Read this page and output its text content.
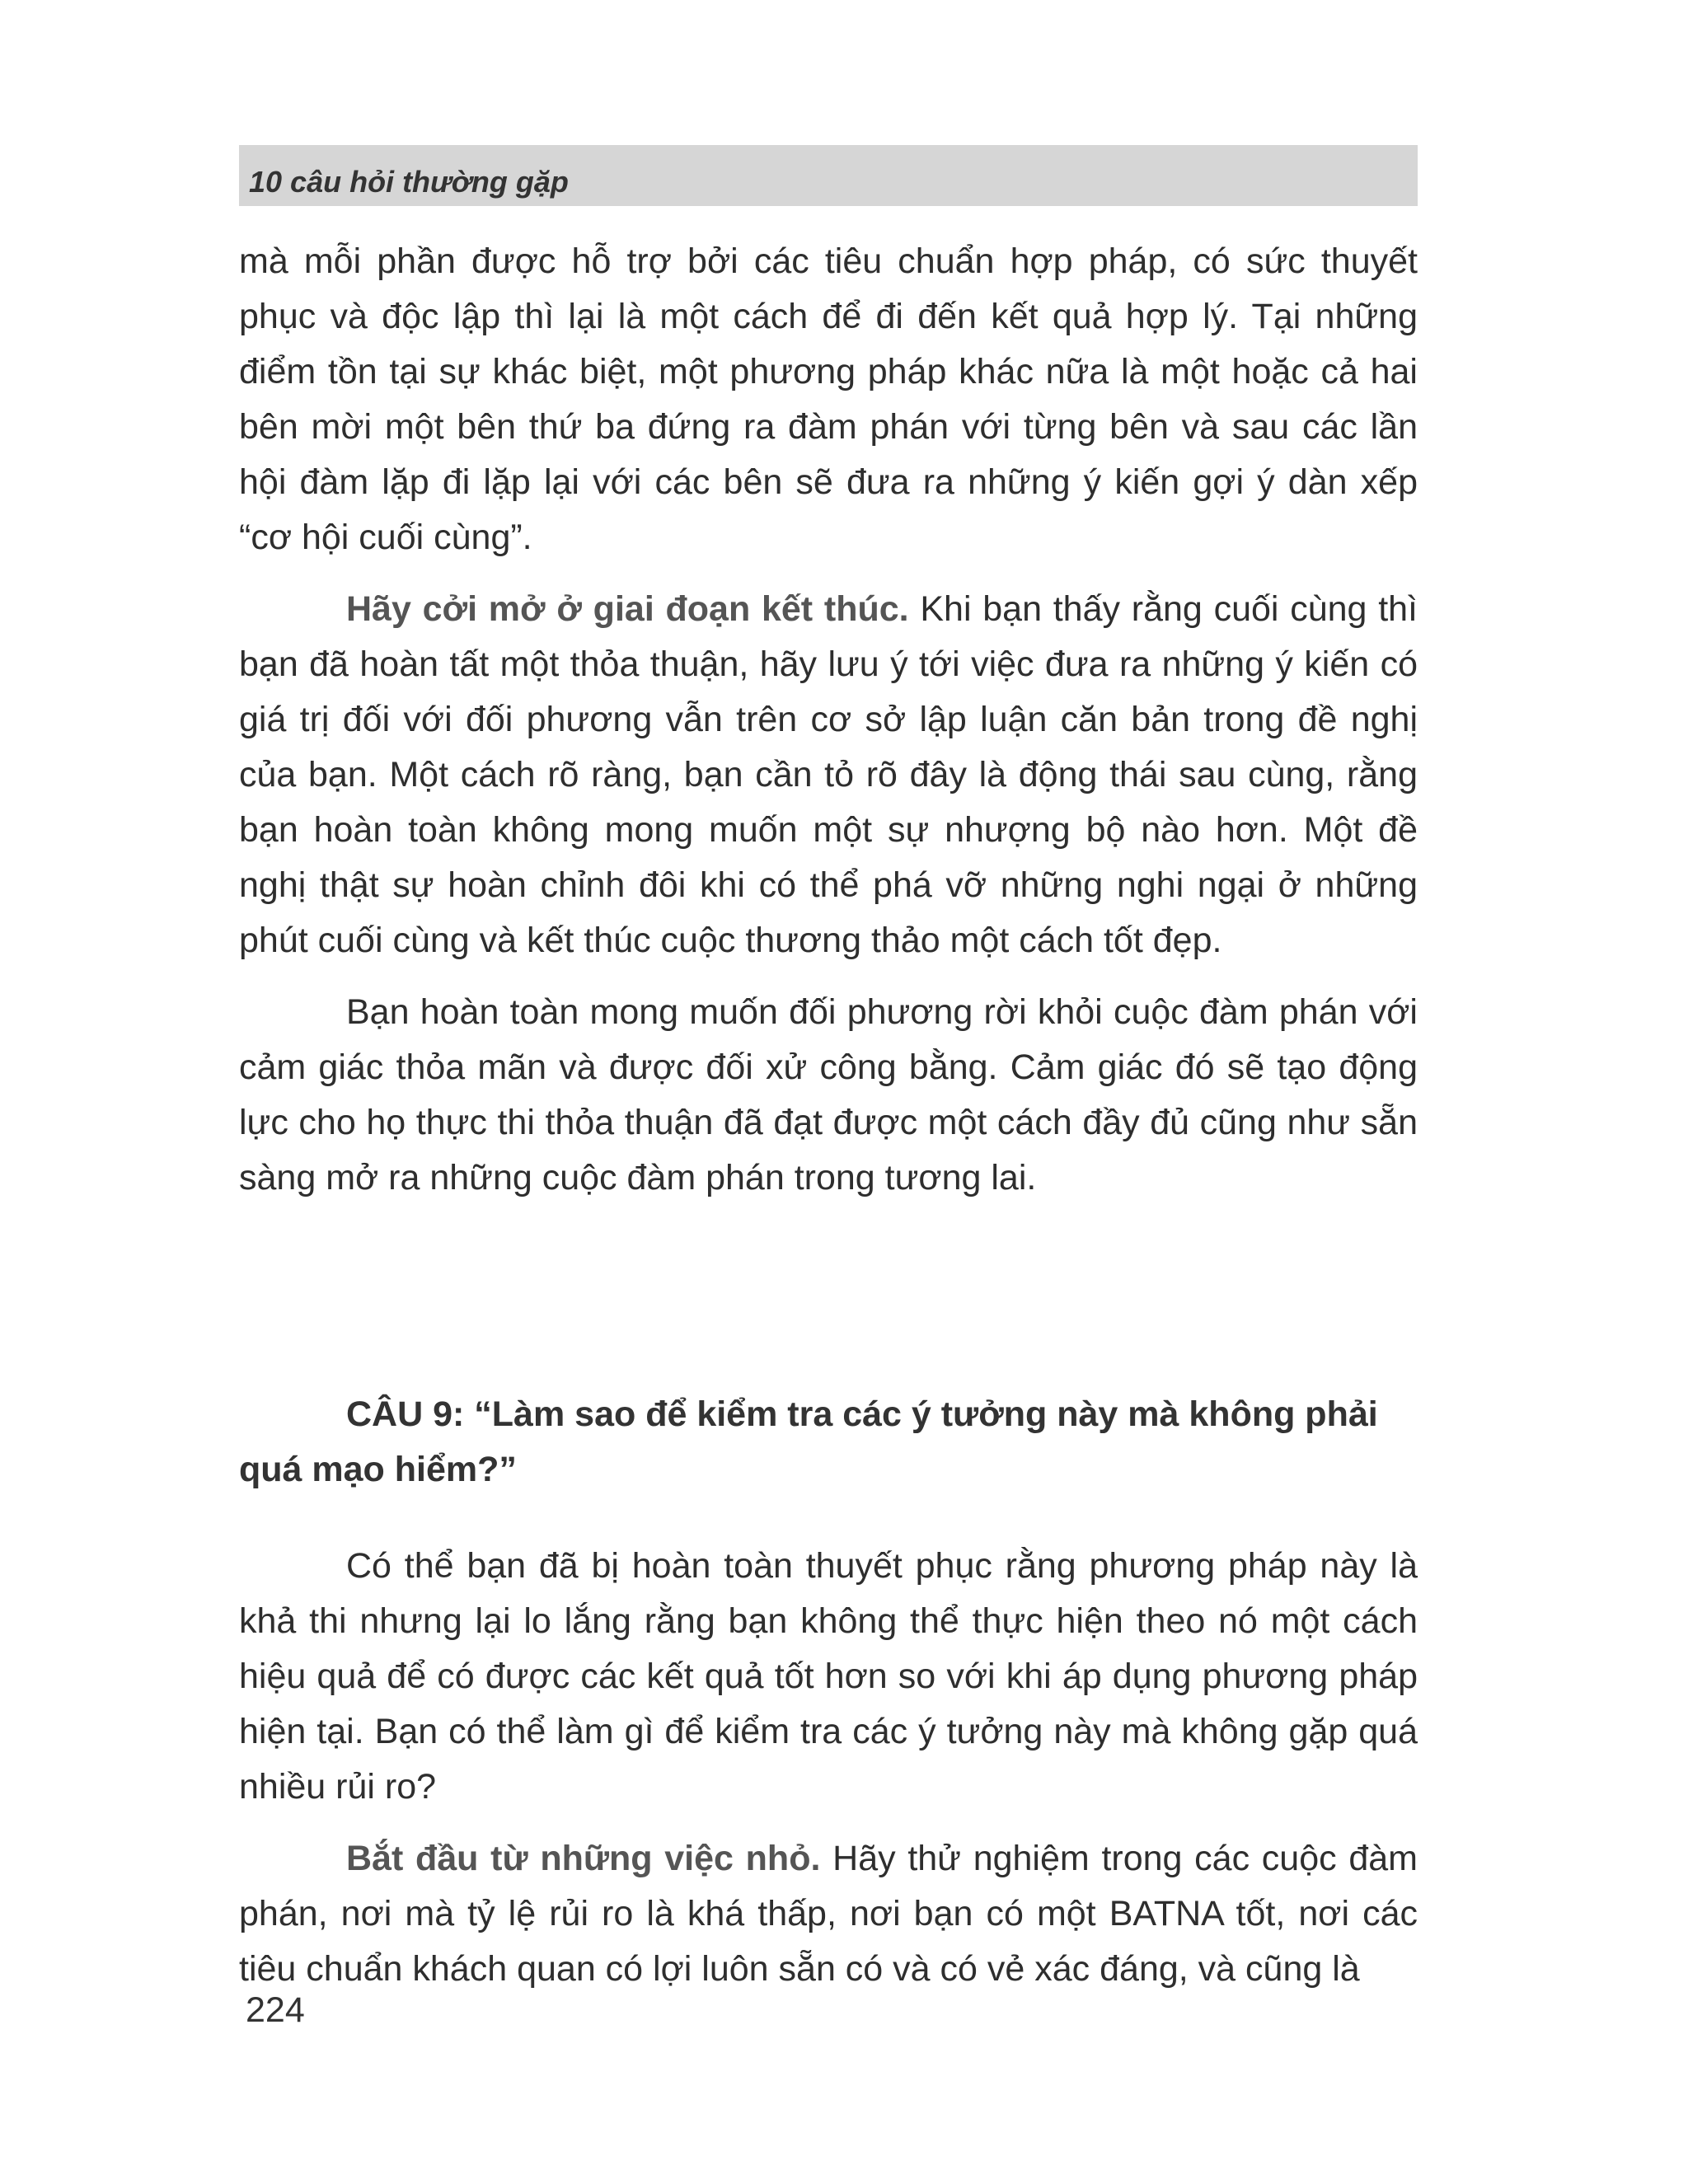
10 câu hỏi thường gặp

mà mỗi phần được hỗ trợ bởi các tiêu chuẩn hợp pháp, có sức thuyết phục và độc lập thì lại là một cách để đi đến kết quả hợp lý. Tại những điểm tồn tại sự khác biệt, một phương pháp khác nữa là một hoặc cả hai bên mời một bên thứ ba đứng ra đàm phán với từng bên và sau các lần hội đàm lặp đi lặp lại với các bên sẽ đưa ra những ý kiến gợi ý dàn xếp “cơ hội cuối cùng”.

Hãy cởi mở ở giai đoạn kết thúc. Khi bạn thấy rằng cuối cùng thì bạn đã hoàn tất một thỏa thuận, hãy lưu ý tới việc đưa ra những ý kiến có giá trị đối với đối phương vẫn trên cơ sở lập luận căn bản trong đề nghị của bạn. Một cách rõ ràng, bạn cần tỏ rõ đây là động thái sau cùng, rằng bạn hoàn toàn không mong muốn một sự nhượng bộ nào hơn. Một đề nghị thật sự hoàn chỉnh đôi khi có thể phá vỡ những nghi ngại ở những phút cuối cùng và kết thúc cuộc thương thảo một cách tốt đẹp.

Bạn hoàn toàn mong muốn đối phương rời khỏi cuộc đàm phán với cảm giác thỏa mãn và được đối xử công bằng. Cảm giác đó sẽ tạo động lực cho họ thực thi thỏa thuận đã đạt được một cách đầy đủ cũng như sẵn sàng mở ra những cuộc đàm phán trong tương lai.

CÂU 9: “Làm sao để kiểm tra các ý tưởng này mà không phải quá mạo hiểm?”

Có thể bạn đã bị hoàn toàn thuyết phục rằng phương pháp này là khả thi nhưng lại lo lắng rằng bạn không thể thực hiện theo nó một cách hiệu quả để có được các kết quả tốt hơn so với khi áp dụng phương pháp hiện tại. Bạn có thể làm gì để kiểm tra các ý tưởng này mà không gặp quá nhiều rủi ro?

Bắt đầu từ những việc nhỏ. Hãy thử nghiệm trong các cuộc đàm phán, nơi mà tỷ lệ rủi ro là khá thấp, nơi bạn có một BATNA tốt, nơi các tiêu chuẩn khách quan có lợi luôn sẵn có và có vẻ xác đáng, và cũng là

224
